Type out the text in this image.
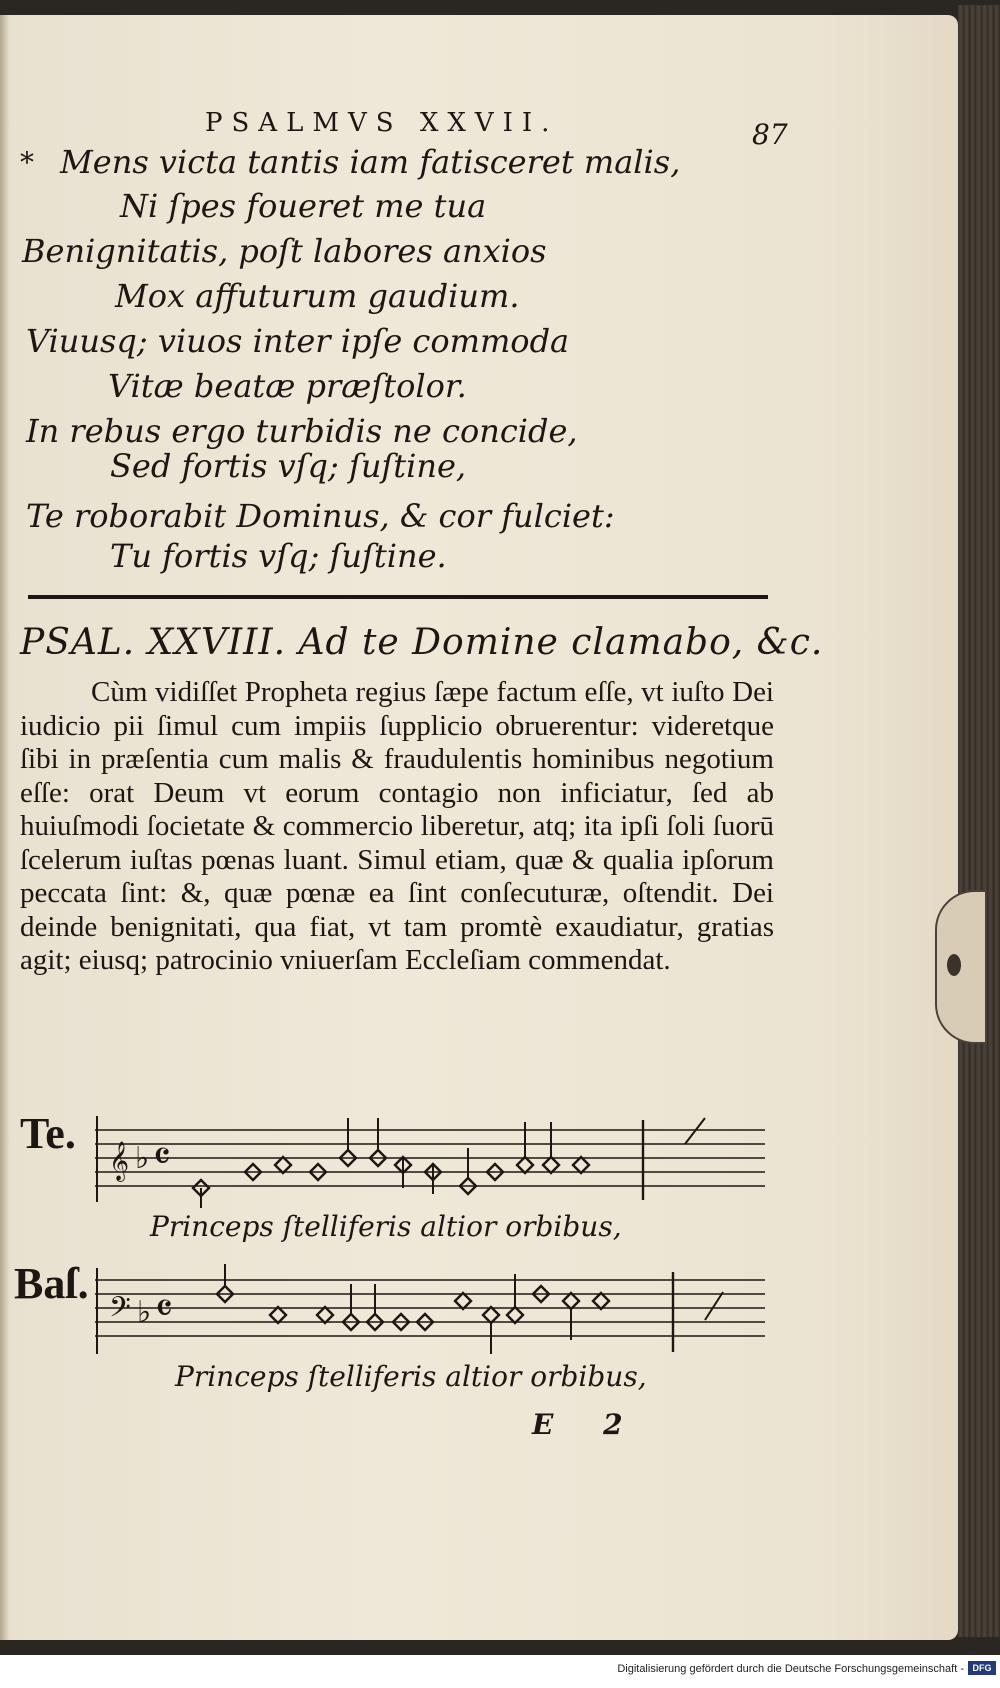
PSALMVS XXVII.	87
* Mens victa tantis iam fatisceret malis,
Ni ſpes foueret me tua
Benignitatis, poſt labores anxios
Mox affuturum gaudium.
Viuusq; viuos inter ipſe commoda
Vitæ beatæ præſtolor.
In rebus ergo turbidis ne concide,
Sed fortis vſq; ſuſtine,
Te roborabit Dominus, & cor fulciet:
Tu fortis vſq; ſuſtine.
PSAL. XXVIII. Ad te Domine clamabo, &c.

Cùm vidiſſet Propheta regius ſæpe factum eſſe, vt iuſto Dei iudicio pii ſimul cum impiis ſupplicio obruerentur: videretque ſibi in præſentia cum malis & fraudulentis hominibus negotium eſſe: orat Deum vt eorum contagio non inficiatur, ſed ab huiuſmodi ſocietate & commercio liberetur, atq; ita ipſi ſoli ſuorū ſcelerum iuſtas pœnas luant. Simul etiam, quæ & qualia ipſorum peccata ſint: &, quæ pœnæ ea ſint conſecuturæ, oſtendit. Dei deinde benignitati, qua fiat, vt tam promtè exaudiatur, gratias agit; eiusq; patrocinio vniuerſam Eccleſiam commendat.

Te.
𝄞 ♭ 𝄴
Princeps ſtelliferis altior orbibus,
Baſ.
𝄢 ♭ 𝄴
Princeps ſtelliferis altior orbibus,
E 2
Digitalisierung gefördert durch die Deutsche Forschungsgemeinschaft - DFG
